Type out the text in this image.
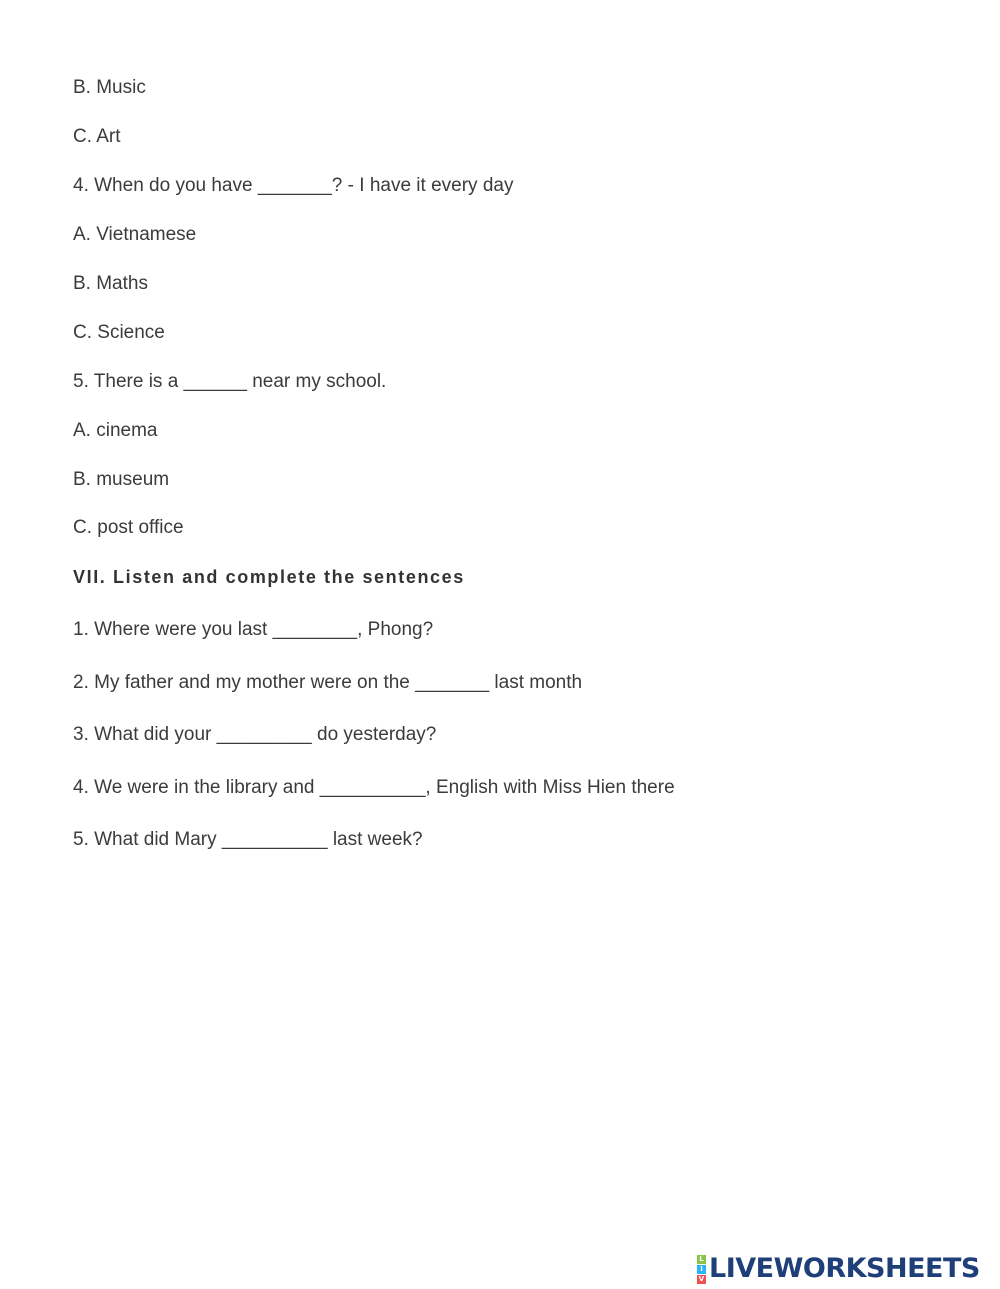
B. Music
C. Art
4. When do you have _______? - I have it every day
A. Vietnamese
B. Maths
C. Science
5. There is a ______ near my school.
A. cinema
B. museum
C. post office
VII. Listen and complete the sentences
1. Where were you last ________, Phong?
2. My father and my mother were on the _______ last month
3. What did your _________ do yesterday?
4. We were in the library and __________, English with Miss Hien there
5. What did Mary __________ last week?
L
I
V LIVEWORKSHEETS
